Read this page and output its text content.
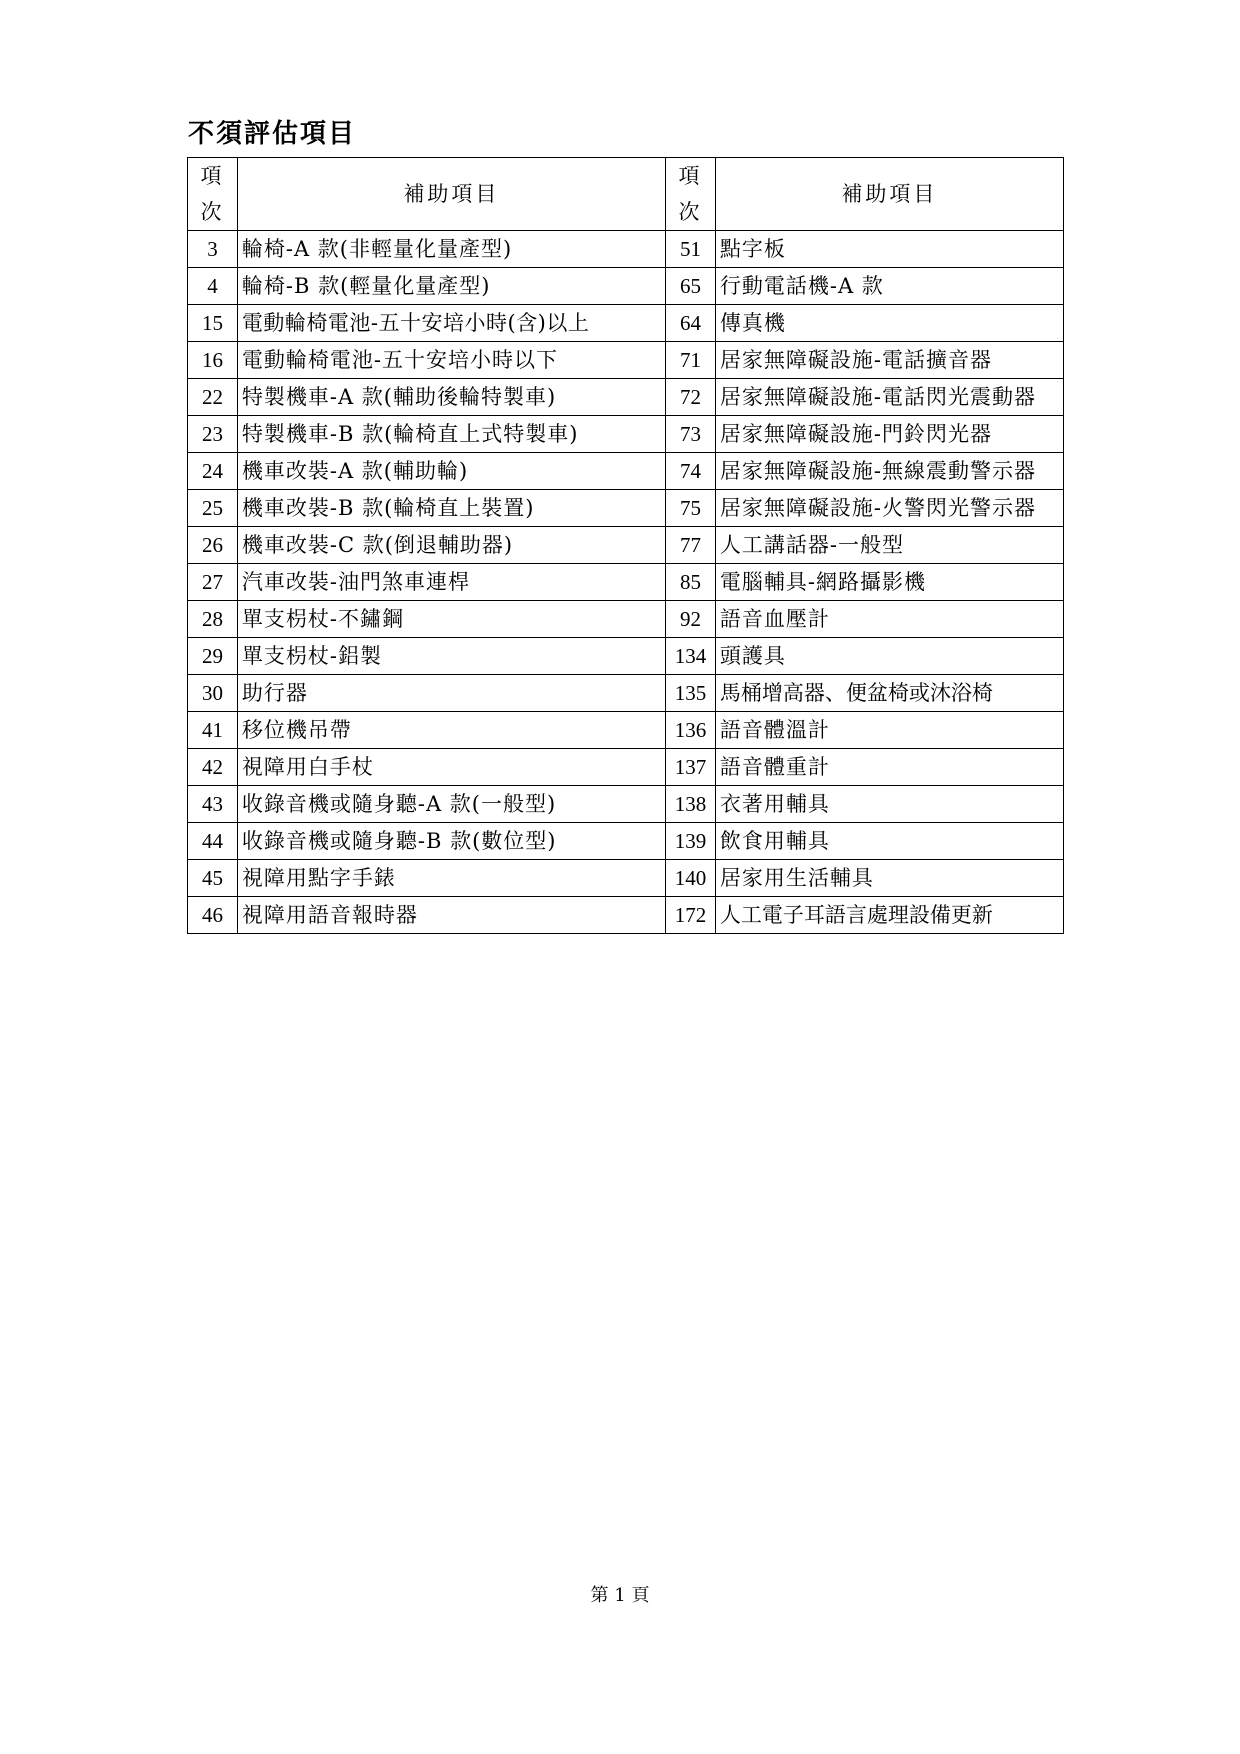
不須評估項目
項次	補助項目	項次	補助項目
3	輪椅-A 款(非輕量化量產型)	51	點字板
4	輪椅-B 款(輕量化量產型)	65	行動電話機-A 款
15	電動輪椅電池-五十安培小時(含)以上	64	傳真機
16	電動輪椅電池-五十安培小時以下	71	居家無障礙設施-電話擴音器
22	特製機車-A 款(輔助後輪特製車)	72	居家無障礙設施-電話閃光震動器
23	特製機車-B 款(輪椅直上式特製車)	73	居家無障礙設施-門鈴閃光器
24	機車改裝-A 款(輔助輪)	74	居家無障礙設施-無線震動警示器
25	機車改裝-B 款(輪椅直上裝置)	75	居家無障礙設施-火警閃光警示器
26	機車改裝-C 款(倒退輔助器)	77	人工講話器-一般型
27	汽車改裝-油門煞車連桿	85	電腦輔具-網路攝影機
28	單支枴杖-不鏽鋼	92	語音血壓計
29	單支枴杖-鋁製	134	頭護具
30	助行器	135	馬桶增高器、便盆椅或沐浴椅
41	移位機吊帶	136	語音體溫計
42	視障用白手杖	137	語音體重計
43	收錄音機或隨身聽-A 款(一般型)	138	衣著用輔具
44	收錄音機或隨身聽-B 款(數位型)	139	飲食用輔具
45	視障用點字手錶	140	居家用生活輔具
46	視障用語音報時器	172	人工電子耳語言處理設備更新
第 1 頁
